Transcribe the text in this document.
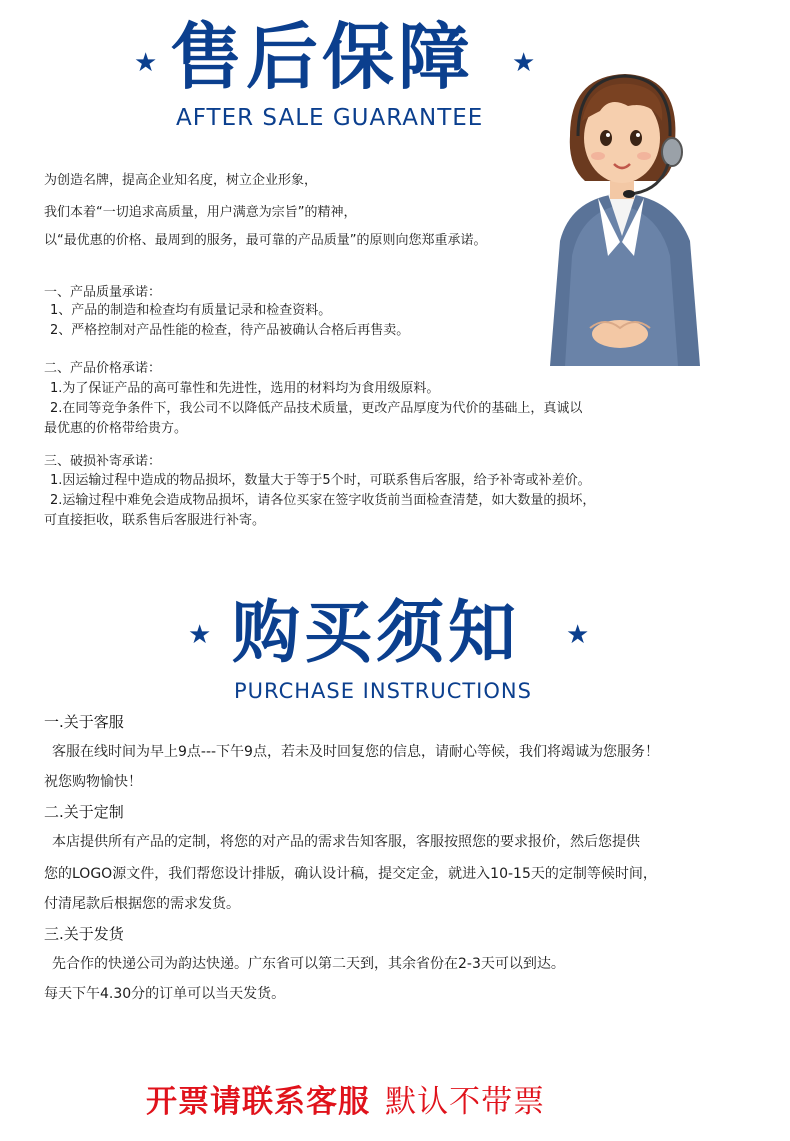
★ 售后保障 ★
AFTER SALE GUARANTEE
为创造名牌，提高企业知名度，树立企业形象，
我们本着“一切追求高质量，用户满意为宗旨”的精神，
以“最优惠的价格、最周到的服务，最可靠的产品质量”的原则向您郑重承诺。
一、产品质量承诺：
1、产品的制造和检查均有质量记录和检查资料。
2、严格控制对产品性能的检查，待产品被确认合格后再售卖。
二、产品价格承诺：
1.为了保证产品的高可靠性和先进性，选用的材料均为食用级原料。
2.在同等竞争条件下，我公司不以降低产品技术质量，更改产品厚度为代价的基础上，真诚以
最优惠的价格带给贵方。
三、破损补寄承诺：
1.因运输过程中造成的物品损坏，数量大于等于5个时，可联系售后客服，给予补寄或补差价。
2.运输过程中难免会造成物品损坏，请各位买家在签字收货前当面检查清楚，如大数量的损坏，
可直接拒收，联系售后客服进行补寄。
★ 购买须知 ★
PURCHASE INSTRUCTIONS
一.关于客服
客服在线时间为早上9点---下午9点，若未及时回复您的信息，请耐心等候，我们将竭诚为您服务！
祝您购物愉快！
二.关于定制
本店提供所有产品的定制，将您的对产品的需求告知客服，客服按照您的要求报价，然后您提供
您的LOGO源文件，我们帮您设计排版，确认设计稿，提交定金，就进入10-15天的定制等候时间，
付清尾款后根据您的需求发货。
三.关于发货
先合作的快递公司为韵达快递。广东省可以第二天到，其余省份在2-3天可以到达。
每天下午4.30分的订单可以当天发货。
开票请联系客服 默认不带票
